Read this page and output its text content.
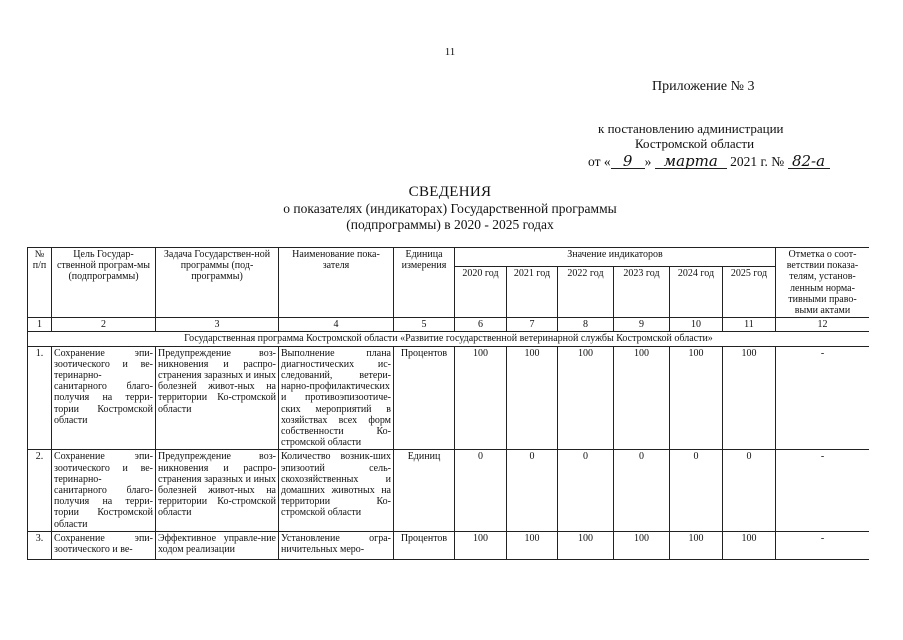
11
Приложение № 3
к постановлению администрации
Костромской области
от « 9 » марта 2021 г. № 82-а
СВЕДЕНИЯ
о показателях (индикаторах) Государственной программы
(подпрограммы) в 2020 - 2025 годах
№ п/п	Цель Государ-ственной програм-мы (подпрограммы)	Задача Государствен-ной программы (под-программы)	Наименование пока-зателя	Единица измерения	Значение индикаторов						Отметка о соот-ветствии показа-телям, установ-ленным норма-тивными право-выми актами
					2020 год	2021 год	2022 год	2023 год	2024 год	2025 год	
1	2	3	4	5	6	7	8	9	10	11	12
Государственная программа Костромской области «Развитие государственной ветеринарной службы Костромской области»											
1.	Сохранение эпи-зоотического и ве-теринарно-санитарного благо-получия на терри-тории Костромской области	Предупреждение воз-никновения и распро-странения заразных и иных болезней живот-ных на территории Ко-стромской области	Выполнение плана диагностических ис-следований, ветери-нарно-профилактических и противоэпизоотиче-ских мероприятий в хозяйствах всех форм собственности Ко-стромской области	Процентов	100	100	100	100	100	100	-
2.	Сохранение эпи-зоотического и ве-теринарно-санитарного благо-получия на терри-тории Костромской области	Предупреждение воз-никновения и распро-странения заразных и иных болезней живот-ных на территории Ко-стромской области	Количество возник-ших эпизоотий сель-скохозяйственных и домашних животных на территории Ко-стромской области	Единиц	0	0	0	0	0	0	-
3.	Сохранение эпи-зоотического и ве-	Эффективное управле-ние ходом реализации	Установление огра-ничительных меро-	Процентов	100	100	100	100	100	100	-
